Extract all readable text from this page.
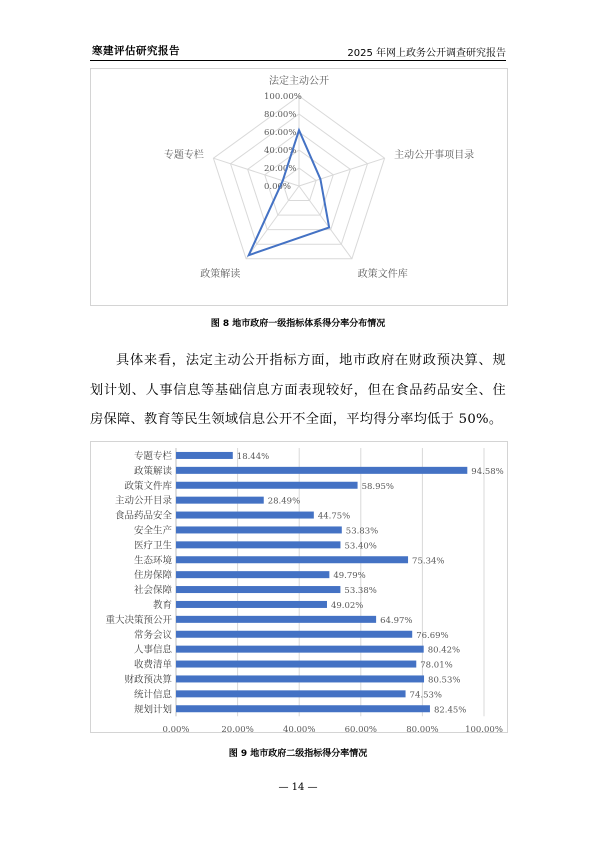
寒建评估研究报告	2025 年网上政务公开调查研究报告
0.00%
20.00%
40.00%
60.00%
80.00%
100.00%
法定主动公开
主动公开事项目录
政策文件库
政策解读
专题专栏
图 8 地市政府一级指标体系得分率分布情况

具体来看，法定主动公开指标方面，地市政府在财政预决算、规划计划、人事信息等基础信息方面表现较好，但在食品药品安全、住房保障、教育等民生领域信息公开不全面，平均得分率均低于 50%。

0.00%	20.00%	40.00%	60.00%	80.00%	100.00%
专题专栏	18.44%
政策解读	94.58%
政策文件库	58.95%
主动公开目录	28.49%
食品药品安全	44.75%
安全生产	53.83%
医疗卫生	53.40%
生态环境	75.34%
住房保障	49.79%
社会保障	53.38%
教育	49.02%
重大决策预公开	64.97%
常务会议	76.69%
人事信息	80.42%
收费清单	78.01%
财政预决算	80.53%
统计信息	74.53%
规划计划	82.45%
图 9 地市政府二级指标得分率情况
— 14 —
